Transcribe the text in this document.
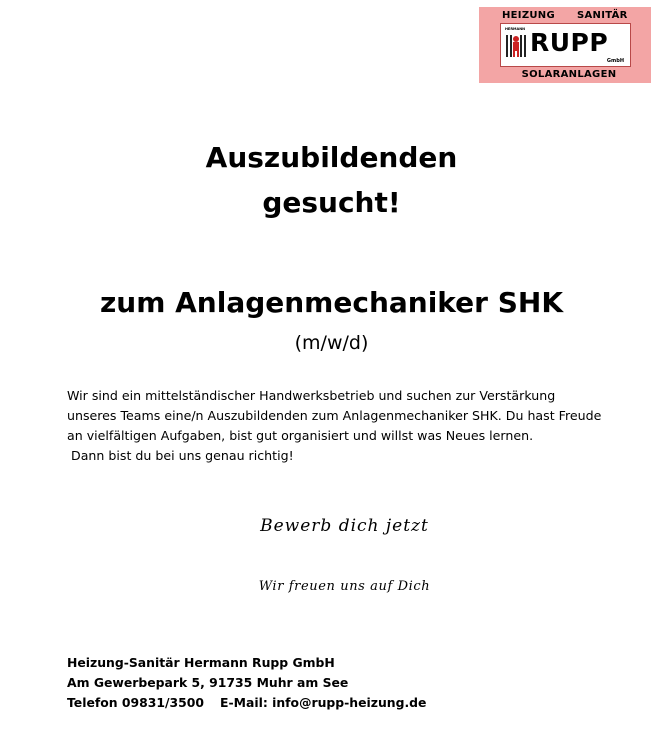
HEIZUNG SANITÄR
HERMANN RUPP
GmbH
SOLARANLAGEN
Auszubildenden
gesucht!
zum Anlagenmechaniker SHK
(m/w/d)
Wir sind ein mittelständischer Handwerksbetrieb und suchen zur Verstärkung
unseres Teams eine/n Auszubildenden zum Anlagenmechaniker SHK. Du hast Freude
an vielfältigen Aufgaben, bist gut organisiert und willst was Neues lernen.
Dann bist du bei uns genau richtig!
Bewerb dich jetzt
Wir freuen uns auf Dich
Heizung-Sanitär Hermann Rupp GmbH
Am Gewerbepark 5, 91735 Muhr am See
Telefon 09831/3500 E-Mail: info@rupp-heizung.de
